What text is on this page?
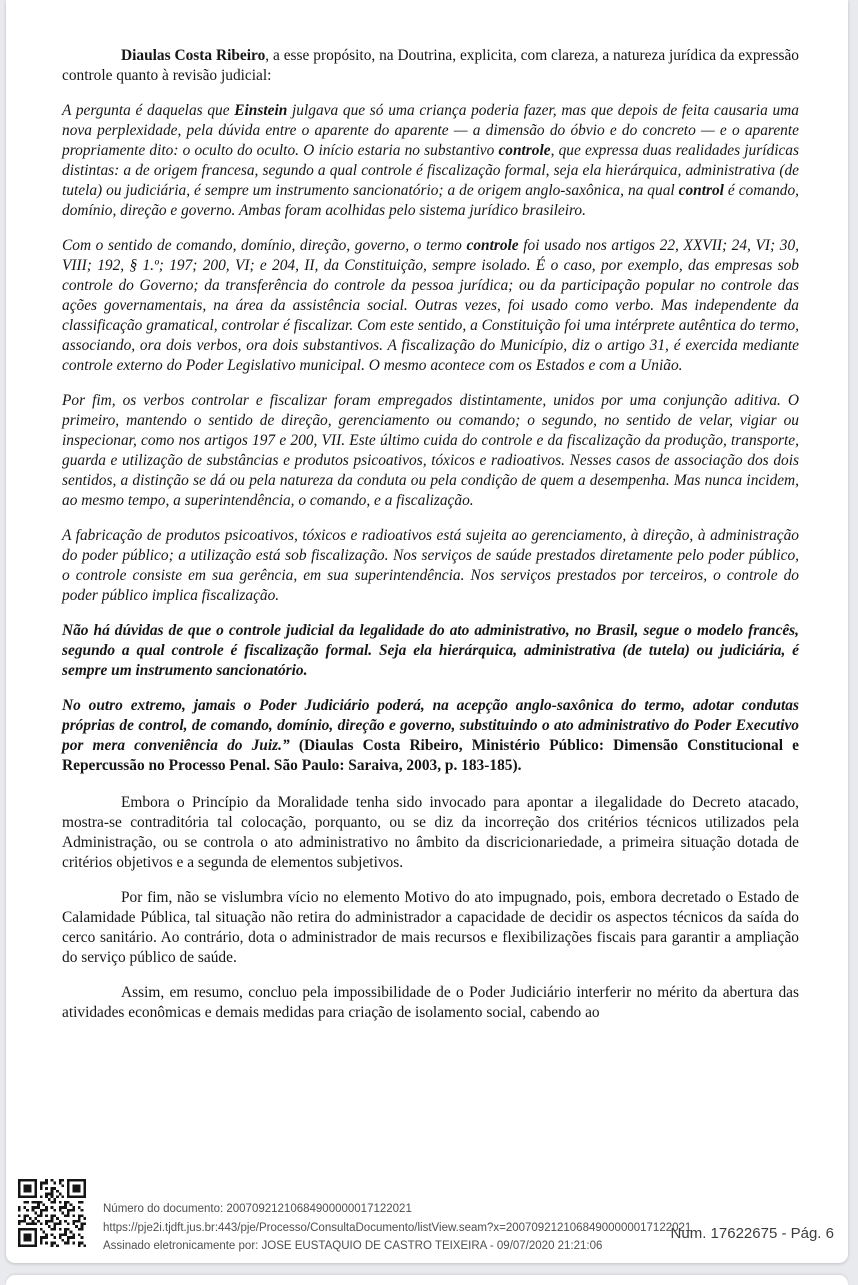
Diaulas Costa Ribeiro, a esse propósito, na Doutrina, explicita, com clareza, a natureza jurídica da expressão controle quanto à revisão judicial:

A pergunta é daquelas que Einstein julgava que só uma criança poderia fazer, mas que depois de feita causaria uma nova perplexidade, pela dúvida entre o aparente do aparente — a dimensão do óbvio e do concreto — e o aparente propriamente dito: o oculto do oculto. O início estaria no substantivo controle, que expressa duas realidades jurídicas distintas: a de origem francesa, segundo a qual controle é fiscalização formal, seja ela hierárquica, administrativa (de tutela) ou judiciária, é sempre um instrumento sancionatório; a de origem anglo-saxônica, na qual control é comando, domínio, direção e governo. Ambas foram acolhidas pelo sistema jurídico brasileiro.

Com o sentido de comando, domínio, direção, governo, o termo controle foi usado nos artigos 22, XXVII; 24, VI; 30, VIII; 192, § 1.º; 197; 200, VI; e 204, II, da Constituição, sempre isolado. É o caso, por exemplo, das empresas sob controle do Governo; da transferência do controle da pessoa jurídica; ou da participação popular no controle das ações governamentais, na área da assistência social. Outras vezes, foi usado como verbo. Mas independente da classificação gramatical, controlar é fiscalizar. Com este sentido, a Constituição foi uma intérprete autêntica do termo, associando, ora dois verbos, ora dois substantivos. A fiscalização do Município, diz o artigo 31, é exercida mediante controle externo do Poder Legislativo municipal. O mesmo acontece com os Estados e com a União.

Por fim, os verbos controlar e fiscalizar foram empregados distintamente, unidos por uma conjunção aditiva. O primeiro, mantendo o sentido de direção, gerenciamento ou comando; o segundo, no sentido de velar, vigiar ou inspecionar, como nos artigos 197 e 200, VII. Este último cuida do controle e da fiscalização da produção, transporte, guarda e utilização de substâncias e produtos psicoativos, tóxicos e radioativos. Nesses casos de associação dos dois sentidos, a distinção se dá ou pela natureza da conduta ou pela condição de quem a desempenha. Mas nunca incidem, ao mesmo tempo, a superintendência, o comando, e a fiscalização.

A fabricação de produtos psicoativos, tóxicos e radioativos está sujeita ao gerenciamento, à direção, à administração do poder público; a utilização está sob fiscalização. Nos serviços de saúde prestados diretamente pelo poder público, o controle consiste em sua gerência, em sua superintendência. Nos serviços prestados por terceiros, o controle do poder público implica fiscalização.

Não há dúvidas de que o controle judicial da legalidade do ato administrativo, no Brasil, segue o modelo francês, segundo a qual controle é fiscalização formal. Seja ela hierárquica, administrativa (de tutela) ou judiciária, é sempre um instrumento sancionatório.

No outro extremo, jamais o Poder Judiciário poderá, na acepção anglo-saxônica do termo, adotar condutas próprias de control, de comando, domínio, direção e governo, substituindo o ato administrativo do Poder Executivo por mera conveniência do Juiz.” (Diaulas Costa Ribeiro, Ministério Público: Dimensão Constitucional e Repercussão no Processo Penal. São Paulo: Saraiva, 2003, p. 183-185).

Embora o Princípio da Moralidade tenha sido invocado para apontar a ilegalidade do Decreto atacado, mostra-se contraditória tal colocação, porquanto, ou se diz da incorreção dos critérios técnicos utilizados pela Administração, ou se controla o ato administrativo no âmbito da discricionariedade, a primeira situação dotada de critérios objetivos e a segunda de elementos subjetivos.

Por fim, não se vislumbra vício no elemento Motivo do ato impugnado, pois, embora decretado o Estado de Calamidade Pública, tal situação não retira do administrador a capacidade de decidir os aspectos técnicos da saída do cerco sanitário. Ao contrário, dota o administrador de mais recursos e flexibilizações fiscais para garantir a ampliação do serviço público de saúde.

Assim, em resumo, concluo pela impossibilidade de o Poder Judiciário interferir no mérito da abertura das atividades econômicas e demais medidas para criação de isolamento social, cabendo ao

Número do documento: 20070921210684900000017122021
https://pje2i.tjdft.jus.br:443/pje/Processo/ConsultaDocumento/listView.seam?x=20070921210684900000017122021
Assinado eletronicamente por: JOSE EUSTAQUIO DE CASTRO TEIXEIRA - 09/07/2020 21:21:06
Num. 17622675 - Pág. 6
